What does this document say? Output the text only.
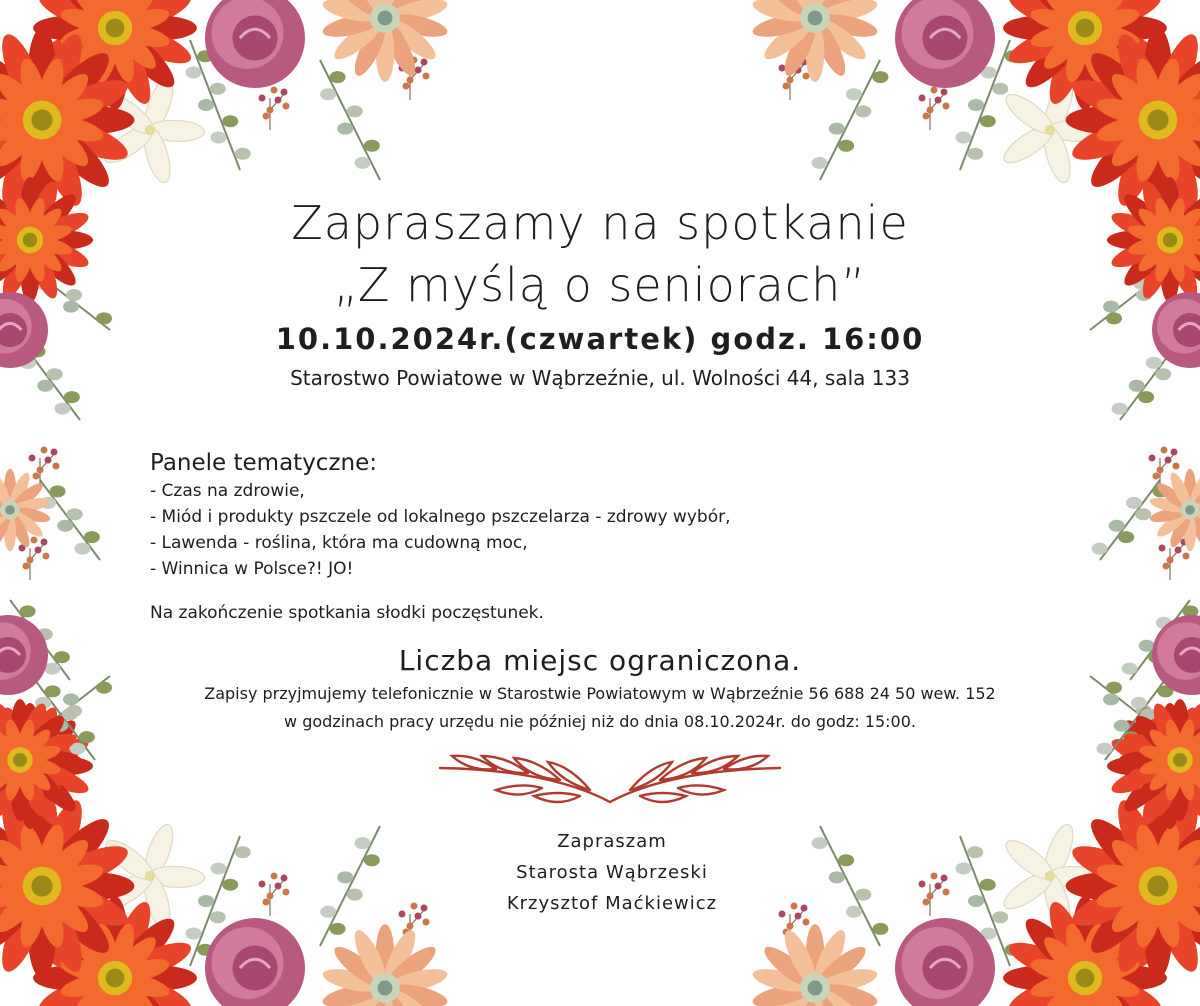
Zapraszamy na spotkanie
„Z myślą o seniorach”
10.10.2024r.(czwartek) godz. 16:00
Starostwo Powiatowe w Wąbrzeźnie, ul. Wolności 44, sala 133
Panele tematyczne:
- Czas na zdrowie,
- Miód i produkty pszczele od lokalnego pszczelarza - zdrowy wybór,
- Lawenda - roślina, która ma cudowną moc,
- Winnica w Polsce?! JO!
Na zakończenie spotkania słodki poczęstunek.
Liczba miejsc ograniczona.
Zapisy przyjmujemy telefonicznie w Starostwie Powiatowym w Wąbrzeźnie 56 688 24 50 wew. 152
w godzinach pracy urzędu nie później niż do dnia 08.10.2024r. do godz: 15:00.
Zapraszam
Starosta Wąbrzeski
Krzysztof Maćkiewicz
